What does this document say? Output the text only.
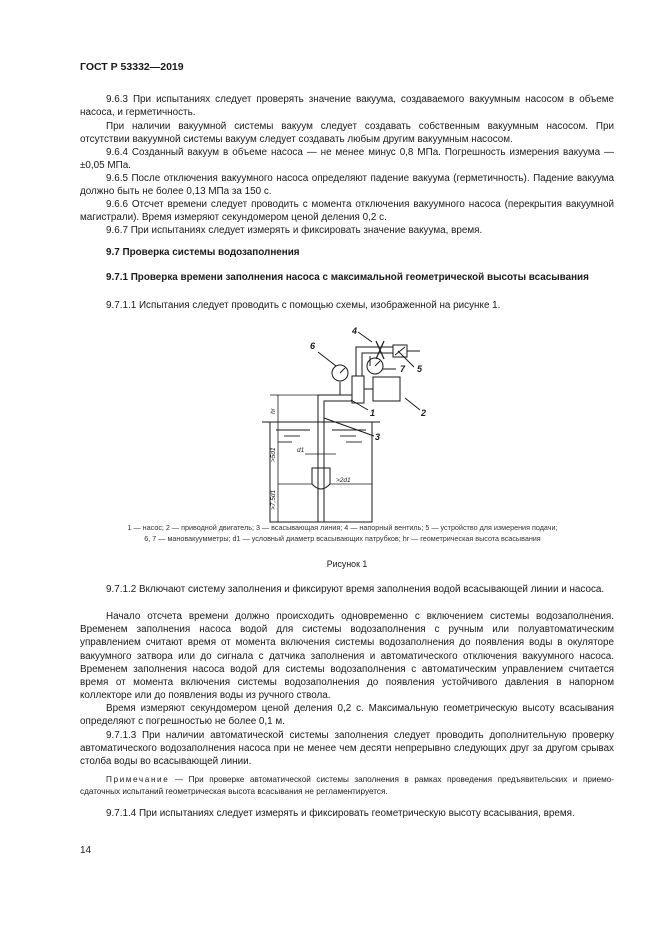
ГОСТ Р 53332—2019
9.6.3 При испытаниях следует проверять значение вакуума, создаваемого вакуумным насосом в объеме насоса, и герметичность.
При наличии вакуумной системы вакуум следует создавать собственным вакуумным насосом. При отсутствии вакуумной системы вакуум следует создавать любым другим вакуумным насосом.
9.6.4 Созданный вакуум в объеме насоса — не менее минус 0,8 МПа. Погрешность измерения вакуума — ±0,05 МПа.
9.6.5 После отключения вакуумного насоса определяют падение вакуума (герметичность). Падение вакуума должно быть не более 0,13 МПа за 150 с.
9.6.6 Отсчет времени следует проводить с момента отключения вакуумного насоса (перекрытия вакуумной магистрали). Время измеряют секундомером ценой деления 0,2 с.
9.6.7 При испытаниях следует измерять и фиксировать значение вакуума, время.
9.7 Проверка системы водозаполнения
9.7.1 Проверка времени заполнения насоса с максимальной геометрической высоты всасывания
9.7.1.1 Испытания следует проводить с помощью схемы, изображенной на рисунке 1.
6
4
7 5
1	2
3
hr
>5d1
>7,5d1
d1
>2d1
1 — насос; 2 — приводной двигатель; 3 — всасывающая линия; 4 — напорный вентиль; 5 — устройство для измерения подачи;
6, 7 — мановакуумметры; d1 — условный диаметр всасывающих патрубков; hr — геометрическая высота всасывания
Рисунок 1
9.7.1.2 Включают систему заполнения и фиксируют время заполнения водой всасывающей линии и насоса.
Начало отсчета времени должно происходить одновременно с включением системы водозаполнения. Временем заполнения насоса водой для системы водозаполнения с ручным или полуавтоматическим управлением считают время от момента включения системы водозаполнения до появления воды в окуляторе вакуумного затвора или до сигнала с датчика заполнения и автоматического отключения вакуумного насоса. Временем заполнения насоса водой для системы водозаполнения с автоматическим управлением считается время от момента включения системы водозаполнения до появления устойчивого давления в напорном коллекторе или до появления воды из ручного ствола.
Время измеряют секундомером ценой деления 0,2 с. Максимальную геометрическую высоту всасывания определяют с погрешностью не более 0,1 м.
9.7.1.3 При наличии автоматической системы заполнения следует проводить дополнительную проверку автоматического водозаполнения насоса при не менее чем десяти непрерывно следующих друг за другом срывах столба воды во всасывающей линии.
Примечание — При проверке автоматической системы заполнения в рамках проведения предъявительских и приемо-сдаточных испытаний геометрическая высота всасывания не регламентируется.
9.7.1.4 При испытаниях следует измерять и фиксировать геометрическую высоту всасывания, время.
14
